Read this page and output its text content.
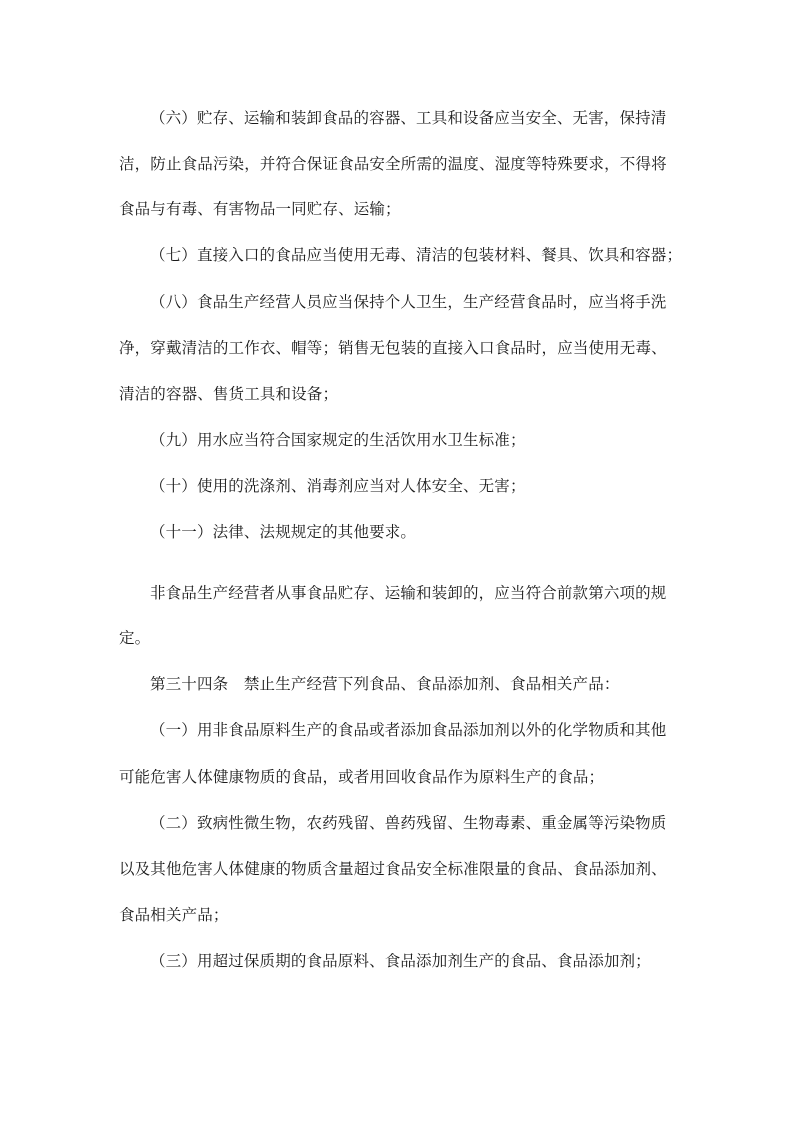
（六）贮存、运输和装卸食品的容器、工具和设备应当安全、无害，保持清
洁，防止食品污染，并符合保证食品安全所需的温度、湿度等特殊要求，不得将
食品与有毒、有害物品一同贮存、运输；
（七）直接入口的食品应当使用无毒、清洁的包装材料、餐具、饮具和容器；
（八）食品生产经营人员应当保持个人卫生，生产经营食品时，应当将手洗
净，穿戴清洁的工作衣、帽等；销售无包装的直接入口食品时，应当使用无毒、
清洁的容器、售货工具和设备；
（九）用水应当符合国家规定的生活饮用水卫生标准；
（十）使用的洗涤剂、消毒剂应当对人体安全、无害；
（十一）法律、法规规定的其他要求。
非食品生产经营者从事食品贮存、运输和装卸的，应当符合前款第六项的规
定。
第三十四条　禁止生产经营下列食品、食品添加剂、食品相关产品：
（一）用非食品原料生产的食品或者添加食品添加剂以外的化学物质和其他
可能危害人体健康物质的食品，或者用回收食品作为原料生产的食品；
（二）致病性微生物，农药残留、兽药残留、生物毒素、重金属等污染物质
以及其他危害人体健康的物质含量超过食品安全标准限量的食品、食品添加剂、
食品相关产品；
（三）用超过保质期的食品原料、食品添加剂生产的食品、食品添加剂；
